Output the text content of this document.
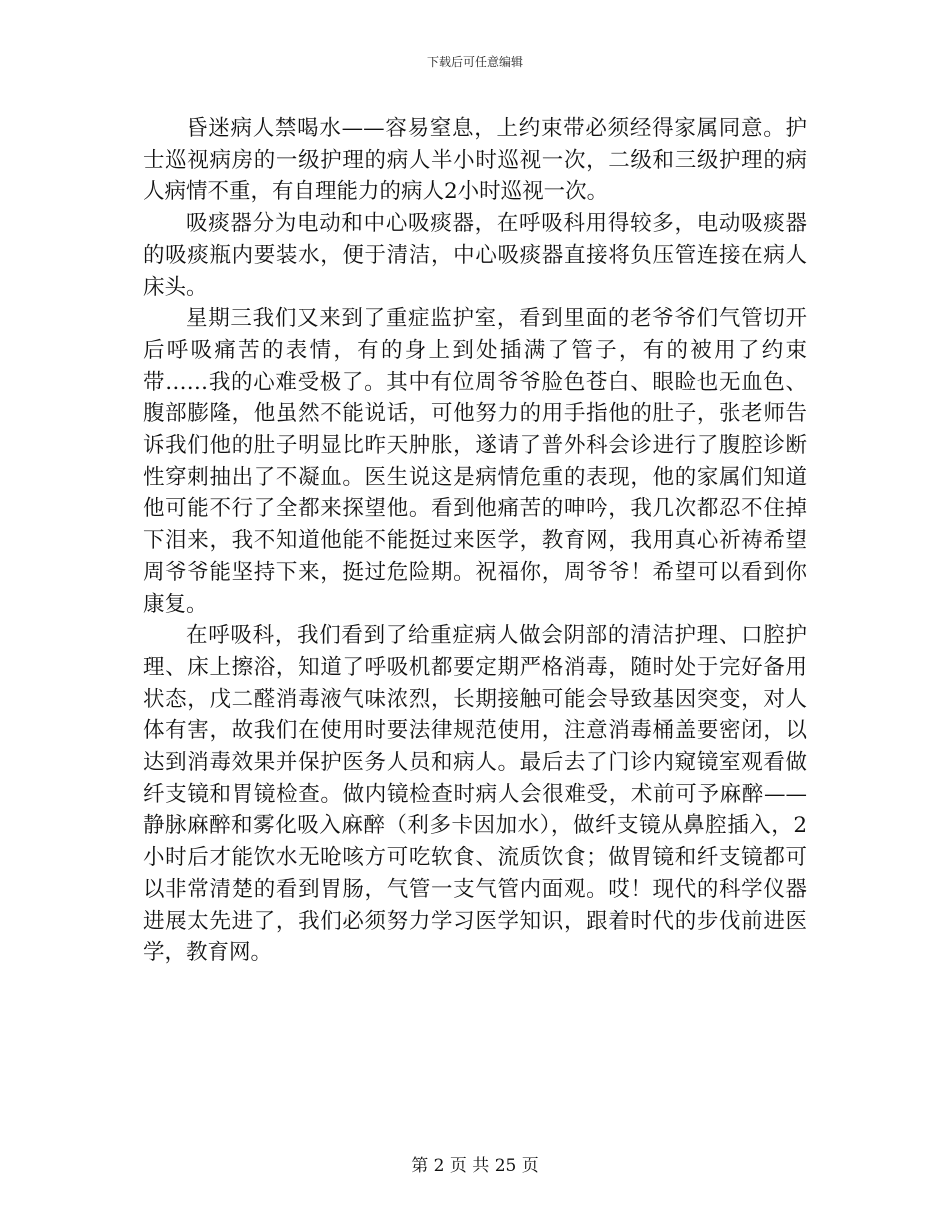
下载后可任意编辑

昏迷病人禁喝水——容易窒息，上约束带必须经得家属同意。护士巡视病房的一级护理的病人半小时巡视一次，二级和三级护理的病人病情不重，有自理能力的病人2小时巡视一次。

吸痰器分为电动和中心吸痰器，在呼吸科用得较多，电动吸痰器的吸痰瓶内要装水，便于清洁，中心吸痰器直接将负压管连接在病人床头。

星期三我们又来到了重症监护室，看到里面的老爷爷们气管切开后呼吸痛苦的表情，有的身上到处插满了管子，有的被用了约束带……我的心难受极了。其中有位周爷爷脸色苍白、眼睑也无血色、腹部膨隆，他虽然不能说话，可他努力的用手指他的肚子，张老师告诉我们他的肚子明显比昨天肿胀，遂请了普外科会诊进行了腹腔诊断性穿刺抽出了不凝血。医生说这是病情危重的表现，他的家属们知道他可能不行了全都来探望他。看到他痛苦的呻吟，我几次都忍不住掉下泪来，我不知道他能不能挺过来医学，教育网，我用真心祈祷希望周爷爷能坚持下来，挺过危险期。祝福你，周爷爷！希望可以看到你康复。

在呼吸科，我们看到了给重症病人做会阴部的清洁护理、口腔护理、床上擦浴，知道了呼吸机都要定期严格消毒，随时处于完好备用状态，戊二醛消毒液气味浓烈，长期接触可能会导致基因突变，对人体有害，故我们在使用时要法律规范使用，注意消毒桶盖要密闭，以达到消毒效果并保护医务人员和病人。最后去了门诊内窥镜室观看做纤支镜和胃镜检查。做内镜检查时病人会很难受，术前可予麻醉——静脉麻醉和雾化吸入麻醉（利多卡因加水），做纤支镜从鼻腔插入，2小时后才能饮水无呛咳方可吃软食、流质饮食；做胃镜和纤支镜都可以非常清楚的看到胃肠，气管一支气管内面观。哎！现代的科学仪器进展太先进了，我们必须努力学习医学知识，跟着时代的步伐前进医学，教育网。

第 2 页 共 25 页
